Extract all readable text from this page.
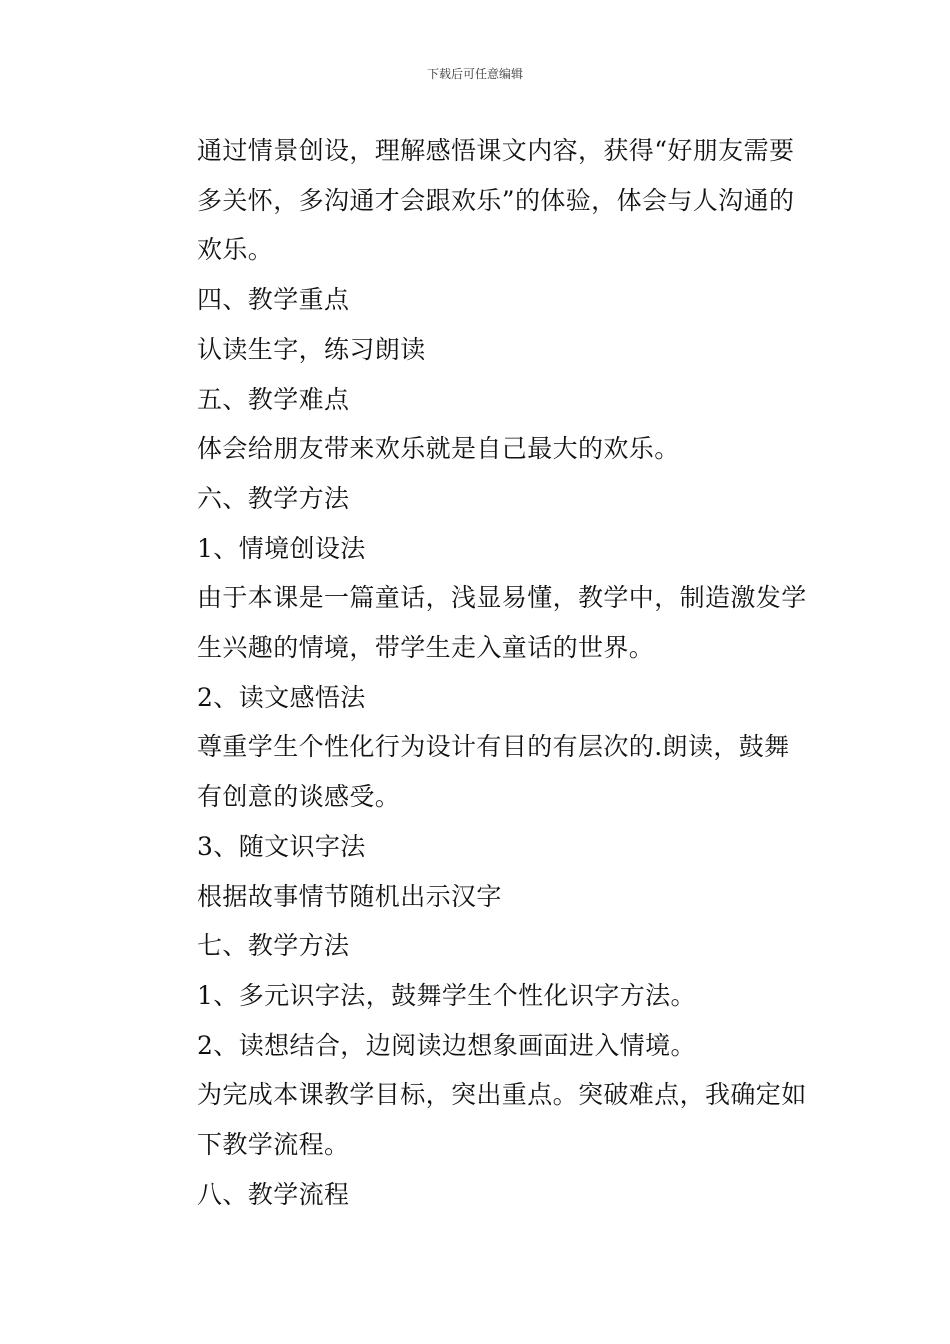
下载后可任意编辑

通过情景创设，理解感悟课文内容，获得“好朋友需要多关怀，多沟通才会跟欢乐”的体验，体会与人沟通的欢乐。

四、教学重点

认读生字，练习朗读

五、教学难点

体会给朋友带来欢乐就是自己最大的欢乐。

六、教学方法

1、情境创设法

由于本课是一篇童话，浅显易懂，教学中，制造激发学生兴趣的情境，带学生走入童话的世界。

2、读文感悟法

尊重学生个性化行为设计有目的有层次的.朗读，鼓舞有创意的谈感受。

3、随文识字法

根据故事情节随机出示汉字

七、教学方法

1、多元识字法，鼓舞学生个性化识字方法。

2、读想结合，边阅读边想象画面进入情境。

为完成本课教学目标，突出重点。突破难点，我确定如下教学流程。

八、教学流程
